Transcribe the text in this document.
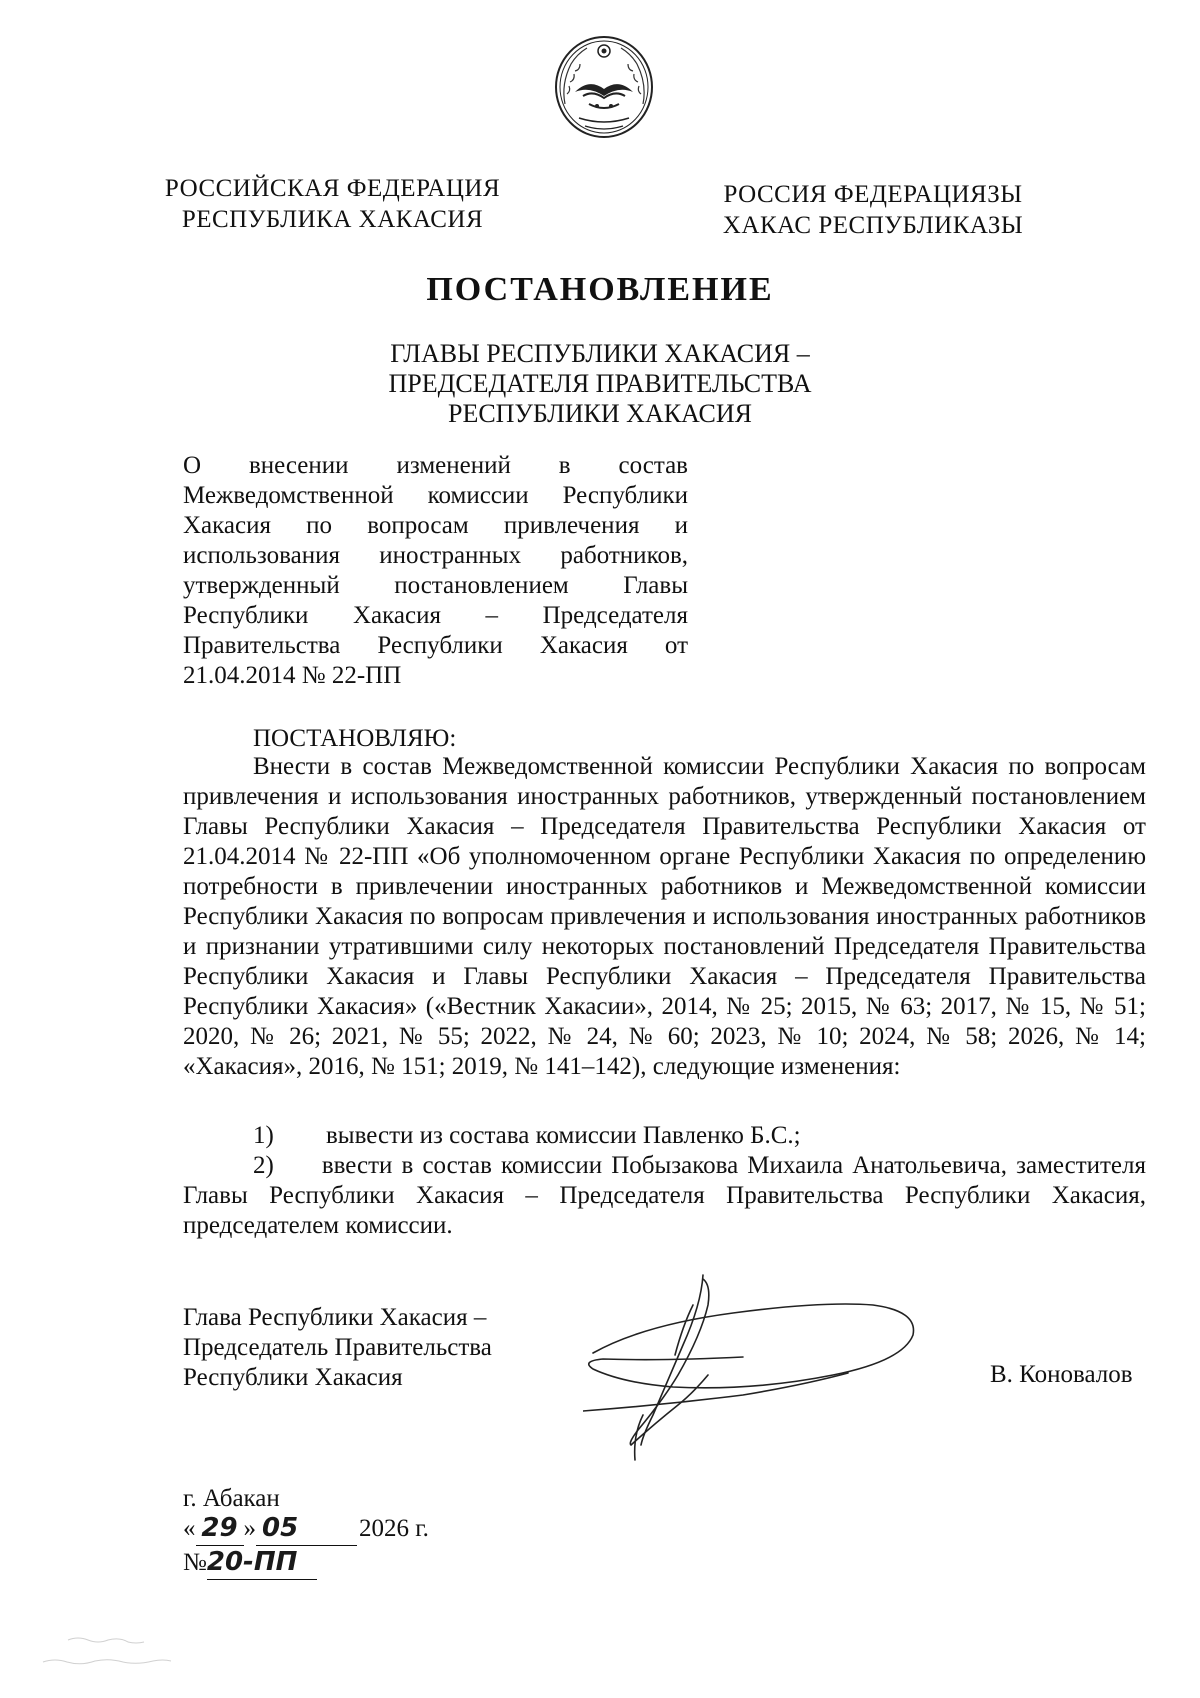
РОССИЙСКАЯ ФЕДЕРАЦИЯ
РЕСПУБЛИКА ХАКАСИЯ
РОССИЯ ФЕДЕРАЦИЯЗЫ
ХАКАС РЕСПУБЛИКАЗЫ
ПОСТАНОВЛЕНИЕ
ГЛАВЫ РЕСПУБЛИКИ ХАКАСИЯ –
ПРЕДСЕДАТЕЛЯ ПРАВИТЕЛЬСТВА
РЕСПУБЛИКИ ХАКАСИЯ
О внесении изменений в состав Межведомственной комиссии Республики Хакасия по вопросам привлечения и использования иностранных работников, утвержденный постановлением Главы Республики Хакасия – Председателя Правительства Республики Хакасия от 21.04.2014 № 22-ПП
ПОСТАНОВЛЯЮ:
Внести в состав Межведомственной комиссии Республики Хакасия по вопросам привлечения и использования иностранных работников, утвержденный постановлением Главы Республики Хакасия – Председателя Правительства Республики Хакасия от 21.04.2014 № 22-ПП «Об уполномоченном органе Республики Хакасия по определению потребности в привлечении иностранных работников и Межведомственной комиссии Республики Хакасия по вопросам привлечения и использования иностранных работников и признании утратившими силу некоторых постановлений Председателя Правительства Республики Хакасия и Главы Республики Хакасия – Председателя Правительства Республики Хакасия» («Вестник Хакасии», 2014, № 25; 2015, № 63; 2017, № 15, № 51; 2020, № 26; 2021, № 55; 2022, № 24, № 60; 2023, № 10; 2024, № 58; 2026, № 14; «Хакасия», 2016, № 151; 2019, № 141–142), следующие изменения:
1) вывести из состава комиссии Павленко Б.С.;
2) ввести в состав комиссии Побызакова Михаила Анатольевича, заместителя Главы Республики Хакасия – Председателя Правительства Республики Хакасия, председателем комиссии.
Глава Республики Хакасия –
Председатель Правительства
Республики Хакасия	В. Коновалов
г. Абакан
« 29 » 05 2026 г.
№20-ПП
